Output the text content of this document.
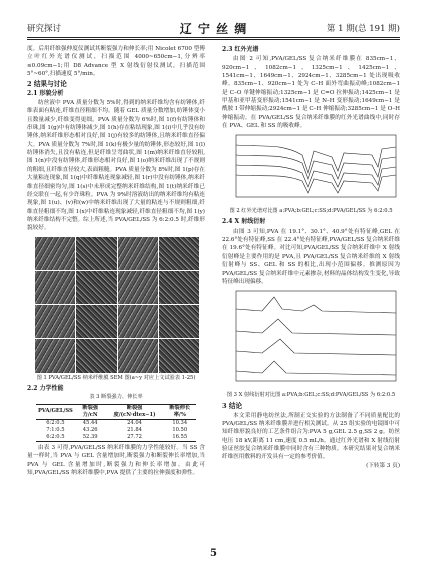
研究探讨	辽 宁 丝 绸	第 1 期(总 191 期)

度。后用纤维强伸度仪测试其断裂强力和伸长率;用 Nicolet 6700 型傅立叶红外光谱仪测试，扫描范围 4000~650cm−1,分辨率≤0.09cm−1;用 D8 Advance 型 X 射线衍射仪测试，扫描范围 5°~60°,扫描速度 5°/min。

2 结果与讨论
2.1 形貌分析

纺丝液中 PVA 质量分数为 5%时,得到的纳米纤维均含有纺锤体,纤维表面有粘连,纤维直径粗细不均。随着 GEL 质量分数增加,纺锤体变小且数量减少,纤维变得更细。PVA 质量分数为 6%时,图 1(f)有纺锤体和串珠,图 1(g)中有纺锤体减少,图 1(h)存在粘结现象,图 1(i)中几乎没有纺锤体,纳米纤维形态相对良好,图 1(j)有较多的纺锤体,且纳米纤维直径偏大。PVA 质量分数为 7%时,图 1(k)有极少量的纺锤体,形态较好,图 1(l)纺锤体消失,且没有粘连,但是纤维呈弯曲状,图 1(m)纳米纤维直径较粗,图 1(n)中没有纺锤体,纤维形态相对良好,图 1(o)纳米纤维出现了不规则的粗细,且纤维直径较大,表面粗糙。PVA 质量分数为 8%时,图 1(p)存在大量粘连现象,图 1(q)中纤维粘连现象减轻,图 1(r)中没有纺锤体,纳米纤维直径细密均匀,图 1(s)中未形成完整纳米纤维结构,图 1(t)纳米纤维已经交联在一起,有少许珠粒。PVA 为 9%时溶液纺出的纳米纤维均有粘连现象,图 1(u)、(v)和(w)中纳米纤维出现了大量的粘连与不规则粗细,纤维直径粗细不均,图 1(x)中纤维粘连现象减轻,纤维直径粗细不均,图 1(y)纳米纤维结构不完整。综上所述,当 PVA/GEL/SS 为 6:2:0.5 时,纤维形貌较好。

图 1 PVA/GEL/SS 纳米纤维膜 SEM 图(a~y 对应上文试验表 1-25)
2.2 力学性能
表 3 断裂强力、伸长率
PVA/GEL/SS	断裂强力/cN	断裂强度/(cN·dtex−1)	断裂伸长率/%
6:2:0.5	45.44	24.04	10.34
7:1:0.5	43.26	21.84	10.50
6:2:0.5	52.39	27.72	16.55

由表 3 可得,PVA/GEL/SS 纳米纤维膜的力学性能较好。当 SS 含量一样时,当 PVA 与 GEL 含量增加时,断裂强力和断裂伸长率增加,当 PVA 与 GEL 含量增加时,断裂强力和伸长率增加。由此可知,PVA/GEL/SS 纳米纤维膜中,PVA 提供了主要的拉伸强度和弹性。

2.3 红外光谱

由图 2 可知,PVA/GEL/SS 复合纳米纤维膜在 835cm−1、920cm−1、1082cm−1、1325cm−1、1425cm−1、1541cm−1、1649cm−1、2924cm−1、3285cm−1 处出现吸收峰。835cm−1、920cm−1 处为 C–H 面外弯曲振动峰;1082cm−1 是 C–O 单键伸缩振动;1325cm−1 是 C=O 拉伸振动;1425cm−1 是甲基和亚甲基变形振动;1541cm−1 是 N–H 变形振动;1649cm−1 是酰胺 I 带伸缩振动;2924cm−1 是 C–H 伸缩振动;3285cm−1 是 O–H 伸缩振动。在 PVA/GEL/SS 复合纳米纤维膜的红外光谱曲线中,同时存在 PVA、GEL 和 SS 的吸收峰。

图 2 红外光谱对比图 a:PVA;b:GEL;c:SS;d:PVA/GEL/SS 为 6:2:0.5
2.4 X 射线衍射

由图 3 可知,PVA 在 19.1°、30.1°、40.9°处有特征峰,GEL 在 22.6°处有特征峰,SS 在 22.4°处有特征峰,PVA/GEL/SS 复合纳米纤维在 19.6°处有特征峰。对比可知,PVA/GEL/SS 复合纳米纤维中 X 射线衍射峰是主要作用的是 PVA,且 PVA/GEL/SS 复合纳米纤维的 X 射线衍射峰与 SS、GEL 和 SS 的相比,出现小范围偏移。推测原因为 PVA/GEL/SS 复合纳米纤维中元素掺杂,材料的晶体结构发生变化,导致特征峰出现偏移。

图 3 X 射线衍射对比图 a:PVA;b:GEL;c:SS;d:PVA/GEL/SS 为 6:2:0.5
3 结论

本文采用静电纺丝法,所制正交实验的方法制备了不同质量配比的 PVA/GEL/SS 纳米纤维膜并进行相关测试。从 25 组实验的电镜图中可知纤维形貌良好的工艺条件组合为:PVA 5 g,GEL 2.5 g,SS 2 g。纺丝电压 18 kV,距离 11 cm,速度 0.5 mL/h。通过红外光谱和 X 射线衍射验证丝胶复合纳米纤维膜中同时含有三种物质。本研究结果对复合纳米纤维医用敷料的开发具有一定的参考价值。

(下转第 3 页)

5
